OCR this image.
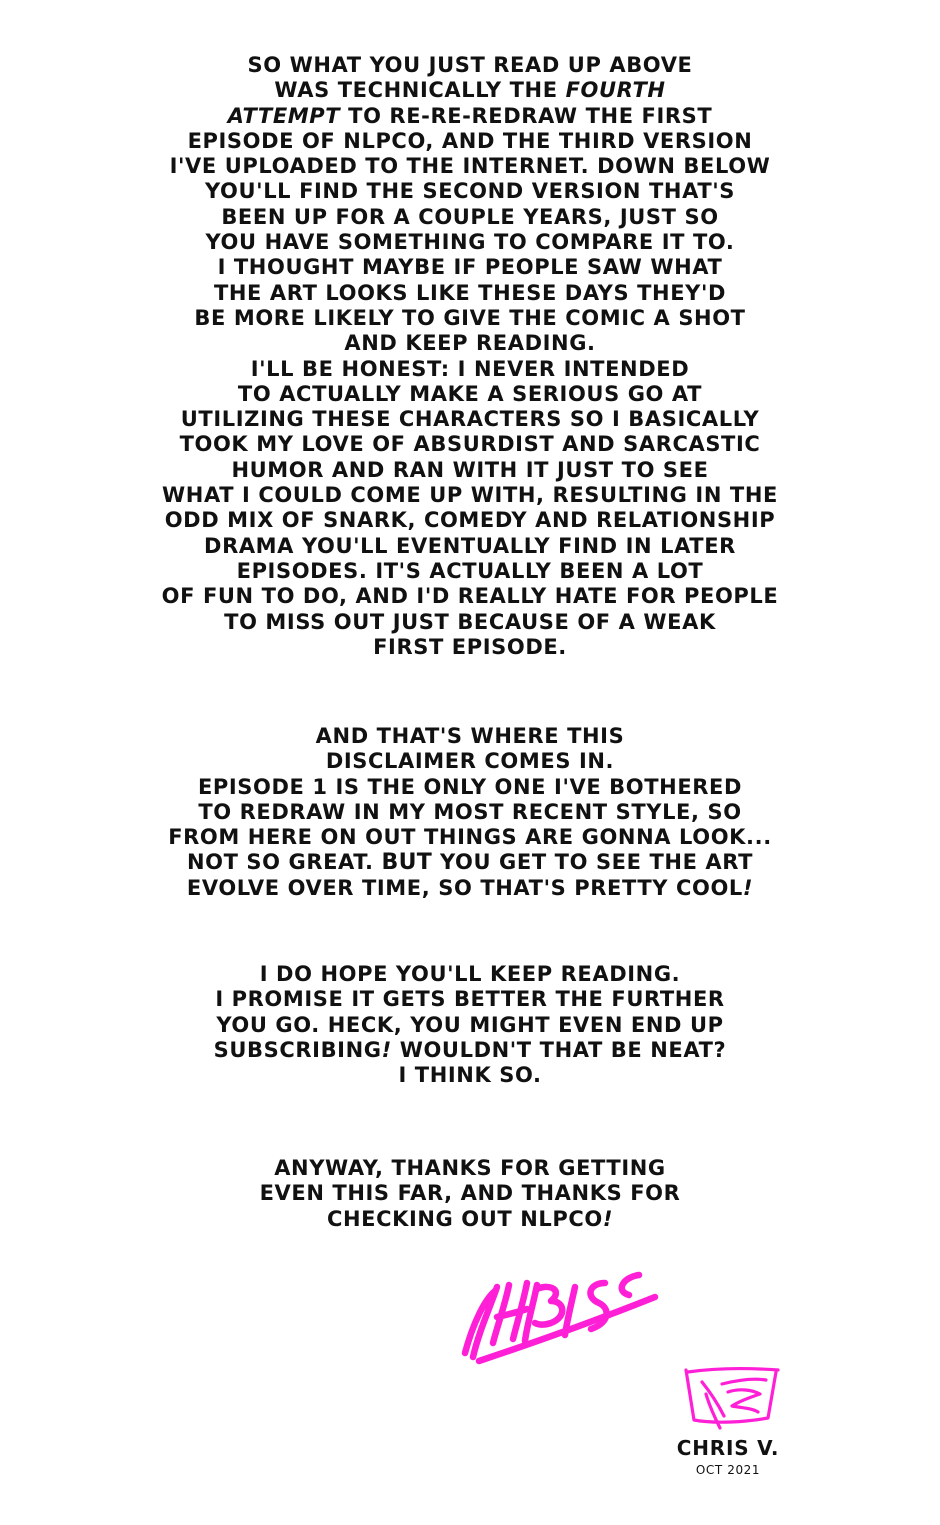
SO WHAT YOU JUST READ UP ABOVE
WAS TECHNICALLY THE FOURTH
ATTEMPT TO RE-RE-REDRAW THE FIRST
EPISODE OF NLPCO, AND THE THIRD VERSION
I'VE UPLOADED TO THE INTERNET. DOWN BELOW
YOU'LL FIND THE SECOND VERSION THAT'S
BEEN UP FOR A COUPLE YEARS, JUST SO
YOU HAVE SOMETHING TO COMPARE IT TO.
I THOUGHT MAYBE IF PEOPLE SAW WHAT
THE ART LOOKS LIKE THESE DAYS THEY'D
BE MORE LIKELY TO GIVE THE COMIC A SHOT
AND KEEP READING.
I'LL BE HONEST: I NEVER INTENDED
TO ACTUALLY MAKE A SERIOUS GO AT
UTILIZING THESE CHARACTERS SO I BASICALLY
TOOK MY LOVE OF ABSURDIST AND SARCASTIC
HUMOR AND RAN WITH IT JUST TO SEE
WHAT I COULD COME UP WITH, RESULTING IN THE
ODD MIX OF SNARK, COMEDY AND RELATIONSHIP
DRAMA YOU'LL EVENTUALLY FIND IN LATER
EPISODES. IT'S ACTUALLY BEEN A LOT
OF FUN TO DO, AND I'D REALLY HATE FOR PEOPLE
TO MISS OUT JUST BECAUSE OF A WEAK
FIRST EPISODE.
AND THAT'S WHERE THIS
DISCLAIMER COMES IN.
EPISODE 1 IS THE ONLY ONE I'VE BOTHERED
TO REDRAW IN MY MOST RECENT STYLE, SO
FROM HERE ON OUT THINGS ARE GONNA LOOK...
NOT SO GREAT. BUT YOU GET TO SEE THE ART
EVOLVE OVER TIME, SO THAT'S PRETTY COOL!
I DO HOPE YOU'LL KEEP READING.
I PROMISE IT GETS BETTER THE FURTHER
YOU GO. HECK, YOU MIGHT EVEN END UP
SUBSCRIBING! WOULDN'T THAT BE NEAT?
I THINK SO.
ANYWAY, THANKS FOR GETTING
EVEN THIS FAR, AND THANKS FOR
CHECKING OUT NLPCO!
CHRIS V.
OCT 2021
